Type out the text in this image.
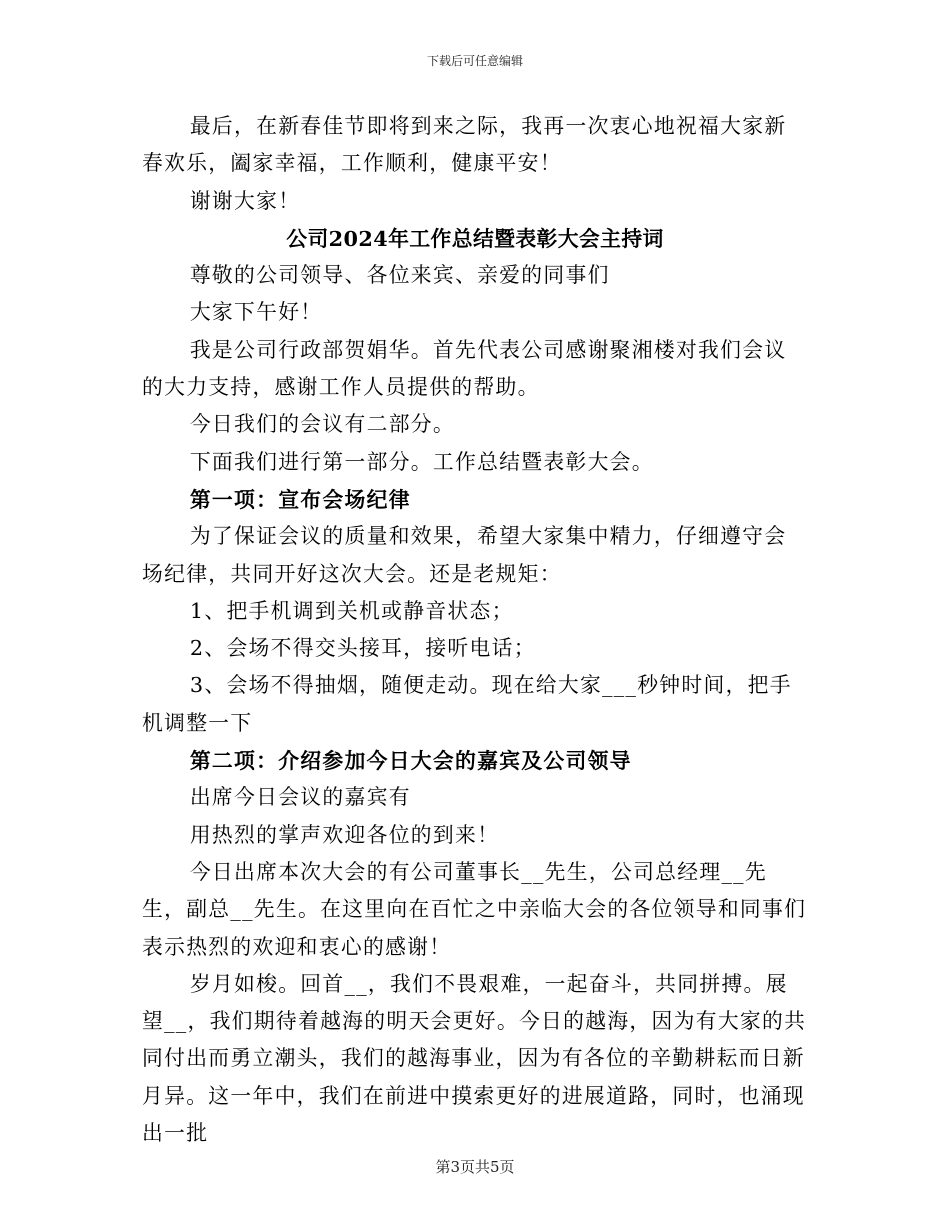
下载后可任意编辑

最后，在新春佳节即将到来之际，我再一次衷心地祝福大家新春欢乐，阖家幸福，工作顺利，健康平安！

谢谢大家！

公司2024年工作总结暨表彰大会主持词

尊敬的公司领导、各位来宾、亲爱的同事们

大家下午好！

我是公司行政部贺娟华。首先代表公司感谢聚湘楼对我们会议的大力支持，感谢工作人员提供的帮助。

今日我们的会议有二部分。

下面我们进行第一部分。工作总结暨表彰大会。

第一项：宣布会场纪律

为了保证会议的质量和效果，希望大家集中精力，仔细遵守会场纪律，共同开好这次大会。还是老规矩：

1、把手机调到关机或静音状态；

2、会场不得交头接耳，接听电话；

3、会场不得抽烟，随便走动。现在给大家___秒钟时间，把手机调整一下

第二项：介绍参加今日大会的嘉宾及公司领导

出席今日会议的嘉宾有

用热烈的掌声欢迎各位的到来！

今日出席本次大会的有公司董事长__先生，公司总经理__先生，副总__先生。在这里向在百忙之中亲临大会的各位领导和同事们表示热烈的欢迎和衷心的感谢！

岁月如梭。回首__，我们不畏艰难，一起奋斗，共同拼搏。展望__，我们期待着越海的明天会更好。今日的越海，因为有大家的共同付出而勇立潮头，我们的越海事业，因为有各位的辛勤耕耘而日新月异。这一年中，我们在前进中摸索更好的进展道路，同时，也涌现出一批

第3页共5页
